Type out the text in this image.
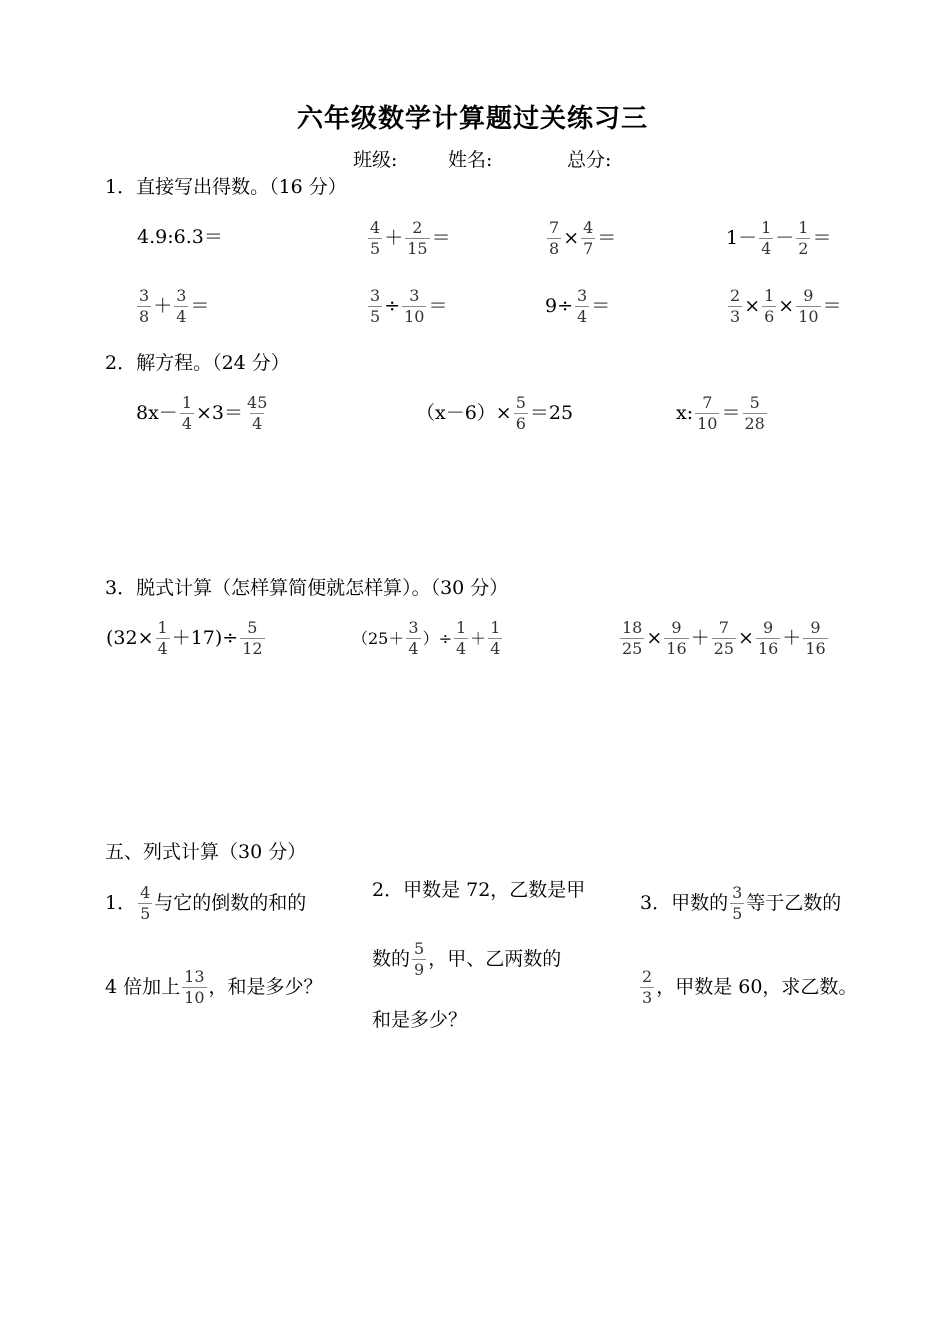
六年级数学计算题过关练习三
班级:	姓名:	总分:
1．直接写出得数。（16 分）
4.9:6.3＝	$\frac{4}{5} + \frac{2}{15}$ ＝	$\frac{7}{8} \times \frac{4}{7}$ ＝	$1- \frac{1}{4} - \frac{1}{2}$ ＝
$\frac{3}{8} + \frac{3}{4}$ ＝	$\frac{3}{5} \div \frac{3}{10}$ ＝	$9\div \frac{3}{4}$ ＝	$\frac{2}{3} \times \frac{1}{6} \times \frac{9}{10}$ ＝
2．解方程。（24 分）
$8x- \frac{1}{4} \times 3= \frac{45}{4}$	$(x-6)\times \frac{5}{6} =25$	x: $\frac{7}{10} = \frac{5}{28}$
3．脱式计算（怎样算简便就怎样算）。（30 分）
$(32\times \frac{1}{4} +17)\div \frac{5}{12}$	（$25+ \frac{3}{4}$ ）÷ $\frac{1}{4} + \frac{1}{4}$	$\frac{18}{25} \times \frac{9}{16} + \frac{7}{25} \times \frac{9}{16} + \frac{9}{16}$
五、列式计算（30 分）
1． $\frac{4}{5}$ 与它的倒数的和的
4 倍加上 $\frac{13}{10}$ ，和是多少？
2．甲数是 72，乙数是甲
数的 $\frac{5}{9}$ ，甲、乙两数的
和是多少？
3．甲数的 $\frac{3}{5}$ 等于乙数的
$\frac{2}{3}$ ，甲数是 60，求乙数。
